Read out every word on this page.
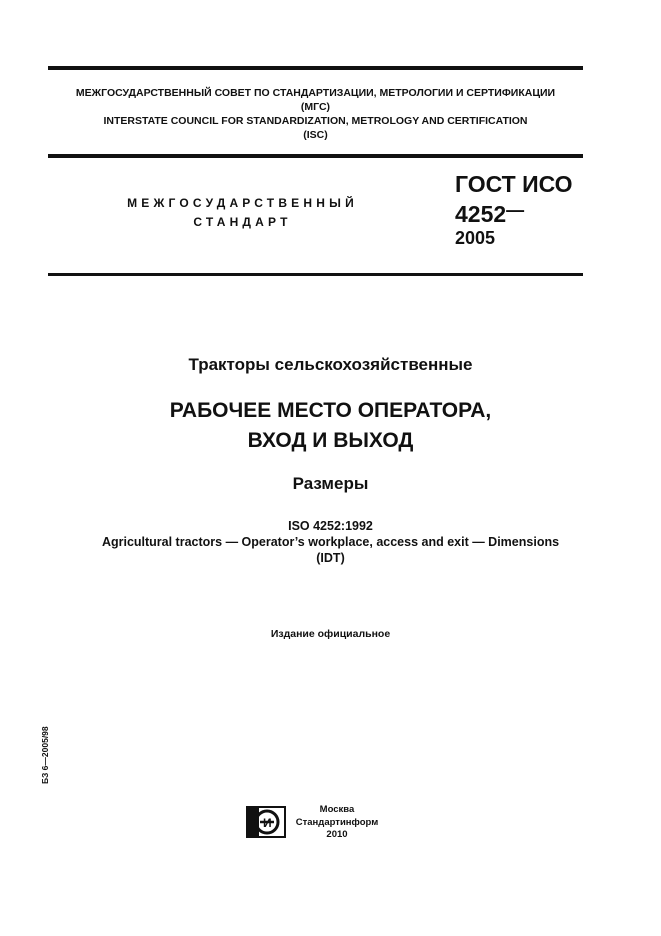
МЕЖГОСУДАРСТВЕННЫЙ СОВЕТ ПО СТАНДАРТИЗАЦИИ, МЕТРОЛОГИИ И СЕРТИФИКАЦИИ
(МГС)
INTERSTATE COUNCIL FOR STANDARDIZATION, METROLOGY AND CERTIFICATION
(ISC)
МЕЖГОСУДАРСТВЕННЫЙ
СТАНДАРТ
ГОСТ ИСО
4252—
2005
Тракторы сельскохозяйственные
РАБОЧЕЕ МЕСТО ОПЕРАТОРА,
ВХОД И ВЫХОД
Размеры
ISO 4252:1992
Agricultural tractors — Operator’s workplace, access and exit — Dimensions
(IDT)
Издание официальное
БЗ 6—2005/98
И
Москва
Стандартинформ
2010
